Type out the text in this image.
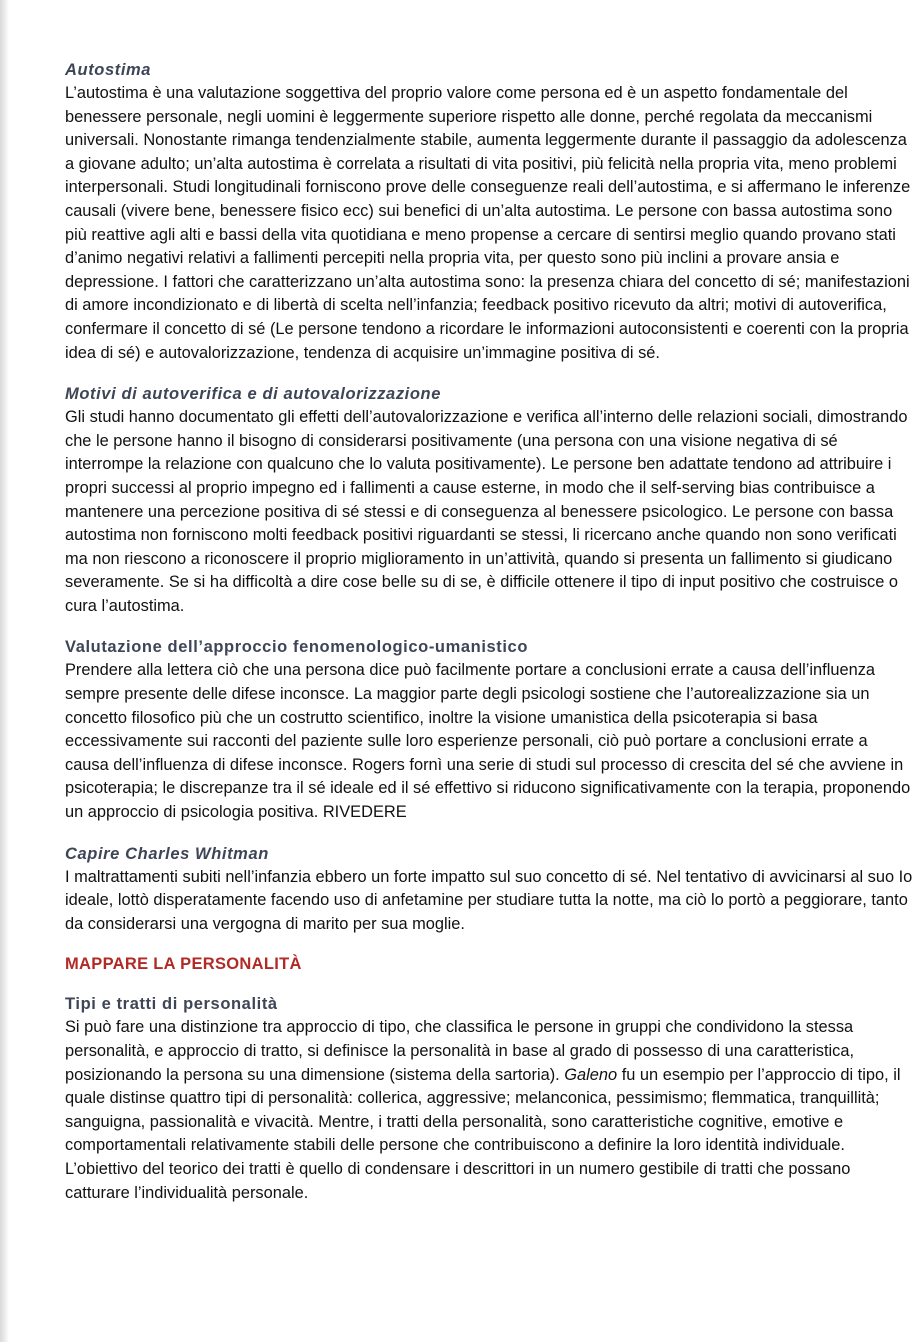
Autostima

L’autostima è una valutazione soggettiva del proprio valore come persona ed è un aspetto fondamentale del benessere personale, negli uomini è leggermente superiore rispetto alle donne, perché regolata da meccanismi universali. Nonostante rimanga tendenzialmente stabile, aumenta leggermente durante il passaggio da adolescenza a giovane adulto; un’alta autostima è correlata a risultati di vita positivi, più felicità nella propria vita, meno problemi interpersonali. Studi longitudinali forniscono prove delle conseguenze reali dell’autostima, e si affermano le inferenze causali (vivere bene, benessere fisico ecc) sui benefici di un’alta autostima. Le persone con bassa autostima sono più reattive agli alti e bassi della vita quotidiana e meno propense a cercare di sentirsi meglio quando provano stati d’animo negativi relativi a fallimenti percepiti nella propria vita, per questo sono più inclini a provare ansia e depressione. I fattori che caratterizzano un’alta autostima sono: la presenza chiara del concetto di sé; manifestazioni di amore incondizionato e di libertà di scelta nell’infanzia; feedback positivo ricevuto da altri; motivi di autoverifica, confermare il concetto di sé (Le persone tendono a ricordare le informazioni autoconsistenti e coerenti con la propria idea di sé) e autovalorizzazione, tendenza di acquisire un’immagine positiva di sé.

Motivi di autoverifica e di autovalorizzazione

Gli studi hanno documentato gli effetti dell’autovalorizzazione e verifica all’interno delle relazioni sociali, dimostrando che le persone hanno il bisogno di considerarsi positivamente (una persona con una visione negativa di sé interrompe la relazione con qualcuno che lo valuta positivamente). Le persone ben adattate tendono ad attribuire i propri successi al proprio impegno ed i fallimenti a cause esterne, in modo che il self-serving bias contribuisce a mantenere una percezione positiva di sé stessi e di conseguenza al benessere psicologico. Le persone con bassa autostima non forniscono molti feedback positivi riguardanti se stessi, li ricercano anche quando non sono verificati ma non riescono a riconoscere il proprio miglioramento in un’attività, quando si presenta un fallimento si giudicano severamente. Se si ha difficoltà a dire cose belle su di se, è difficile ottenere il tipo di input positivo che costruisce o cura l’autostima.

Valutazione dell’approccio fenomenologico-umanistico

Prendere alla lettera ciò che una persona dice può facilmente portare a conclusioni errate a causa dell’influenza sempre presente delle difese inconsce. La maggior parte degli psicologi sostiene che l’autorealizzazione sia un concetto filosofico più che un costrutto scientifico, inoltre la visione umanistica della psicoterapia si basa eccessivamente sui racconti del paziente sulle loro esperienze personali, ciò può portare a conclusioni errate a causa dell’influenza di difese inconsce. Rogers fornì una serie di studi sul processo di crescita del sé che avviene in psicoterapia; le discrepanze tra il sé ideale ed il sé effettivo si riducono significativamente con la terapia, proponendo un approccio di psicologia positiva. RIVEDERE

Capire Charles Whitman

I maltrattamenti subiti nell’infanzia ebbero un forte impatto sul suo concetto di sé. Nel tentativo di avvicinarsi al suo Io ideale, lottò disperatamente facendo uso di anfetamine per studiare tutta la notte, ma ciò lo portò a peggiorare, tanto da considerarsi una vergogna di marito per sua moglie.

MAPPARE LA PERSONALITÀ
Tipi e tratti di personalità

Si può fare una distinzione tra approccio di tipo, che classifica le persone in gruppi che condividono la stessa personalità, e approccio di tratto, si definisce la personalità in base al grado di possesso di una caratteristica, posizionando la persona su una dimensione (sistema della sartoria). Galeno fu un esempio per l’approccio di tipo, il quale distinse quattro tipi di personalità: collerica, aggressive; melanconica, pessimismo; flemmatica, tranquillità; sanguigna, passionalità e vivacità. Mentre, i tratti della personalità, sono caratteristiche cognitive, emotive e comportamentali relativamente stabili delle persone che contribuiscono a definire la loro identità individuale. L’obiettivo del teorico dei tratti è quello di condensare i descrittori in un numero gestibile di tratti che possano catturare l’individualità personale.
